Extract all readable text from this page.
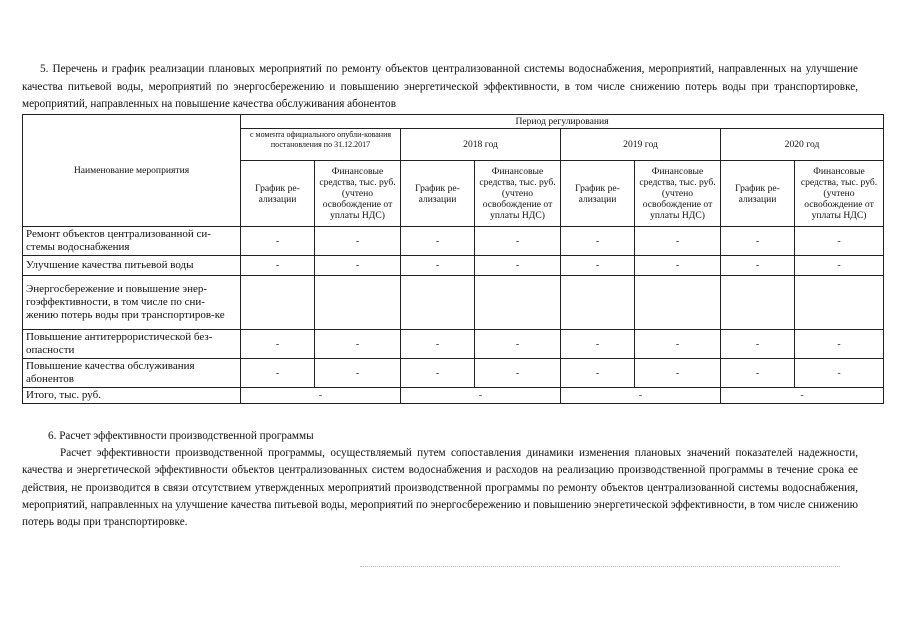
5. Перечень и график реализации плановых мероприятий по ремонту объектов централизованной системы водоснабжения, мероприятий, направленных на улучшение качества питьевой воды, мероприятий по энергосбережению и повышению энергетической эффективности, в том числе снижению потерь воды при транспортировке, мероприятий, направленных на повышение качества обслуживания абонентов

Наименование мероприятия	Период регулирования							
	с момента официального опубли-кования постановления по 31.12.2017		2018 год		2019 год		2020 год	
	График ре-ализации	Финансовые средства, тыс. руб. (учтено освобождение от уплаты НДС)	График ре-ализации	Финансовые средства, тыс. руб. (учтено освобождение от уплаты НДС)	График ре-ализации	Финансовые средства, тыс. руб. (учтено освобождение от уплаты НДС)	График ре-ализации	Финансовые средства, тыс. руб. (учтено освобождение от уплаты НДС)
Ремонт объектов централизованной си-стемы водоснабжения	-	-	-	-	-	-	-	-
Улучшение качества питьевой воды	-	-	-	-	-	-	-	-
Энергосбережение и повышение энер-гоэффективности, в том числе по сни-жению потерь воды при транспортиров-ке								
Повышение антитеррористической без-опасности	-	-	-	-	-	-	-	-
Повышение качества обслуживания абонентов	-	-	-	-	-	-	-	-
Итого, тыс. руб.	-		-		-		-	

6. Расчет эффективности производственной программы

Расчет эффективности производственной программы, осуществляемый путем сопоставления динамики изменения плановых значений показателей надежности, качества и энергетической эффективности объектов централизованных систем водоснабжения и расходов на реализацию производственной программы в течение срока ее действия, не производится в связи отсутствием утвержденных мероприятий производственной программы по ремонту объектов централизованной системы водоснабжения, мероприятий, направленных на улучшение качества питьевой воды, мероприятий по энергосбережению и повышению энергетической эффективности, в том числе снижению потерь воды при транспортировке.
